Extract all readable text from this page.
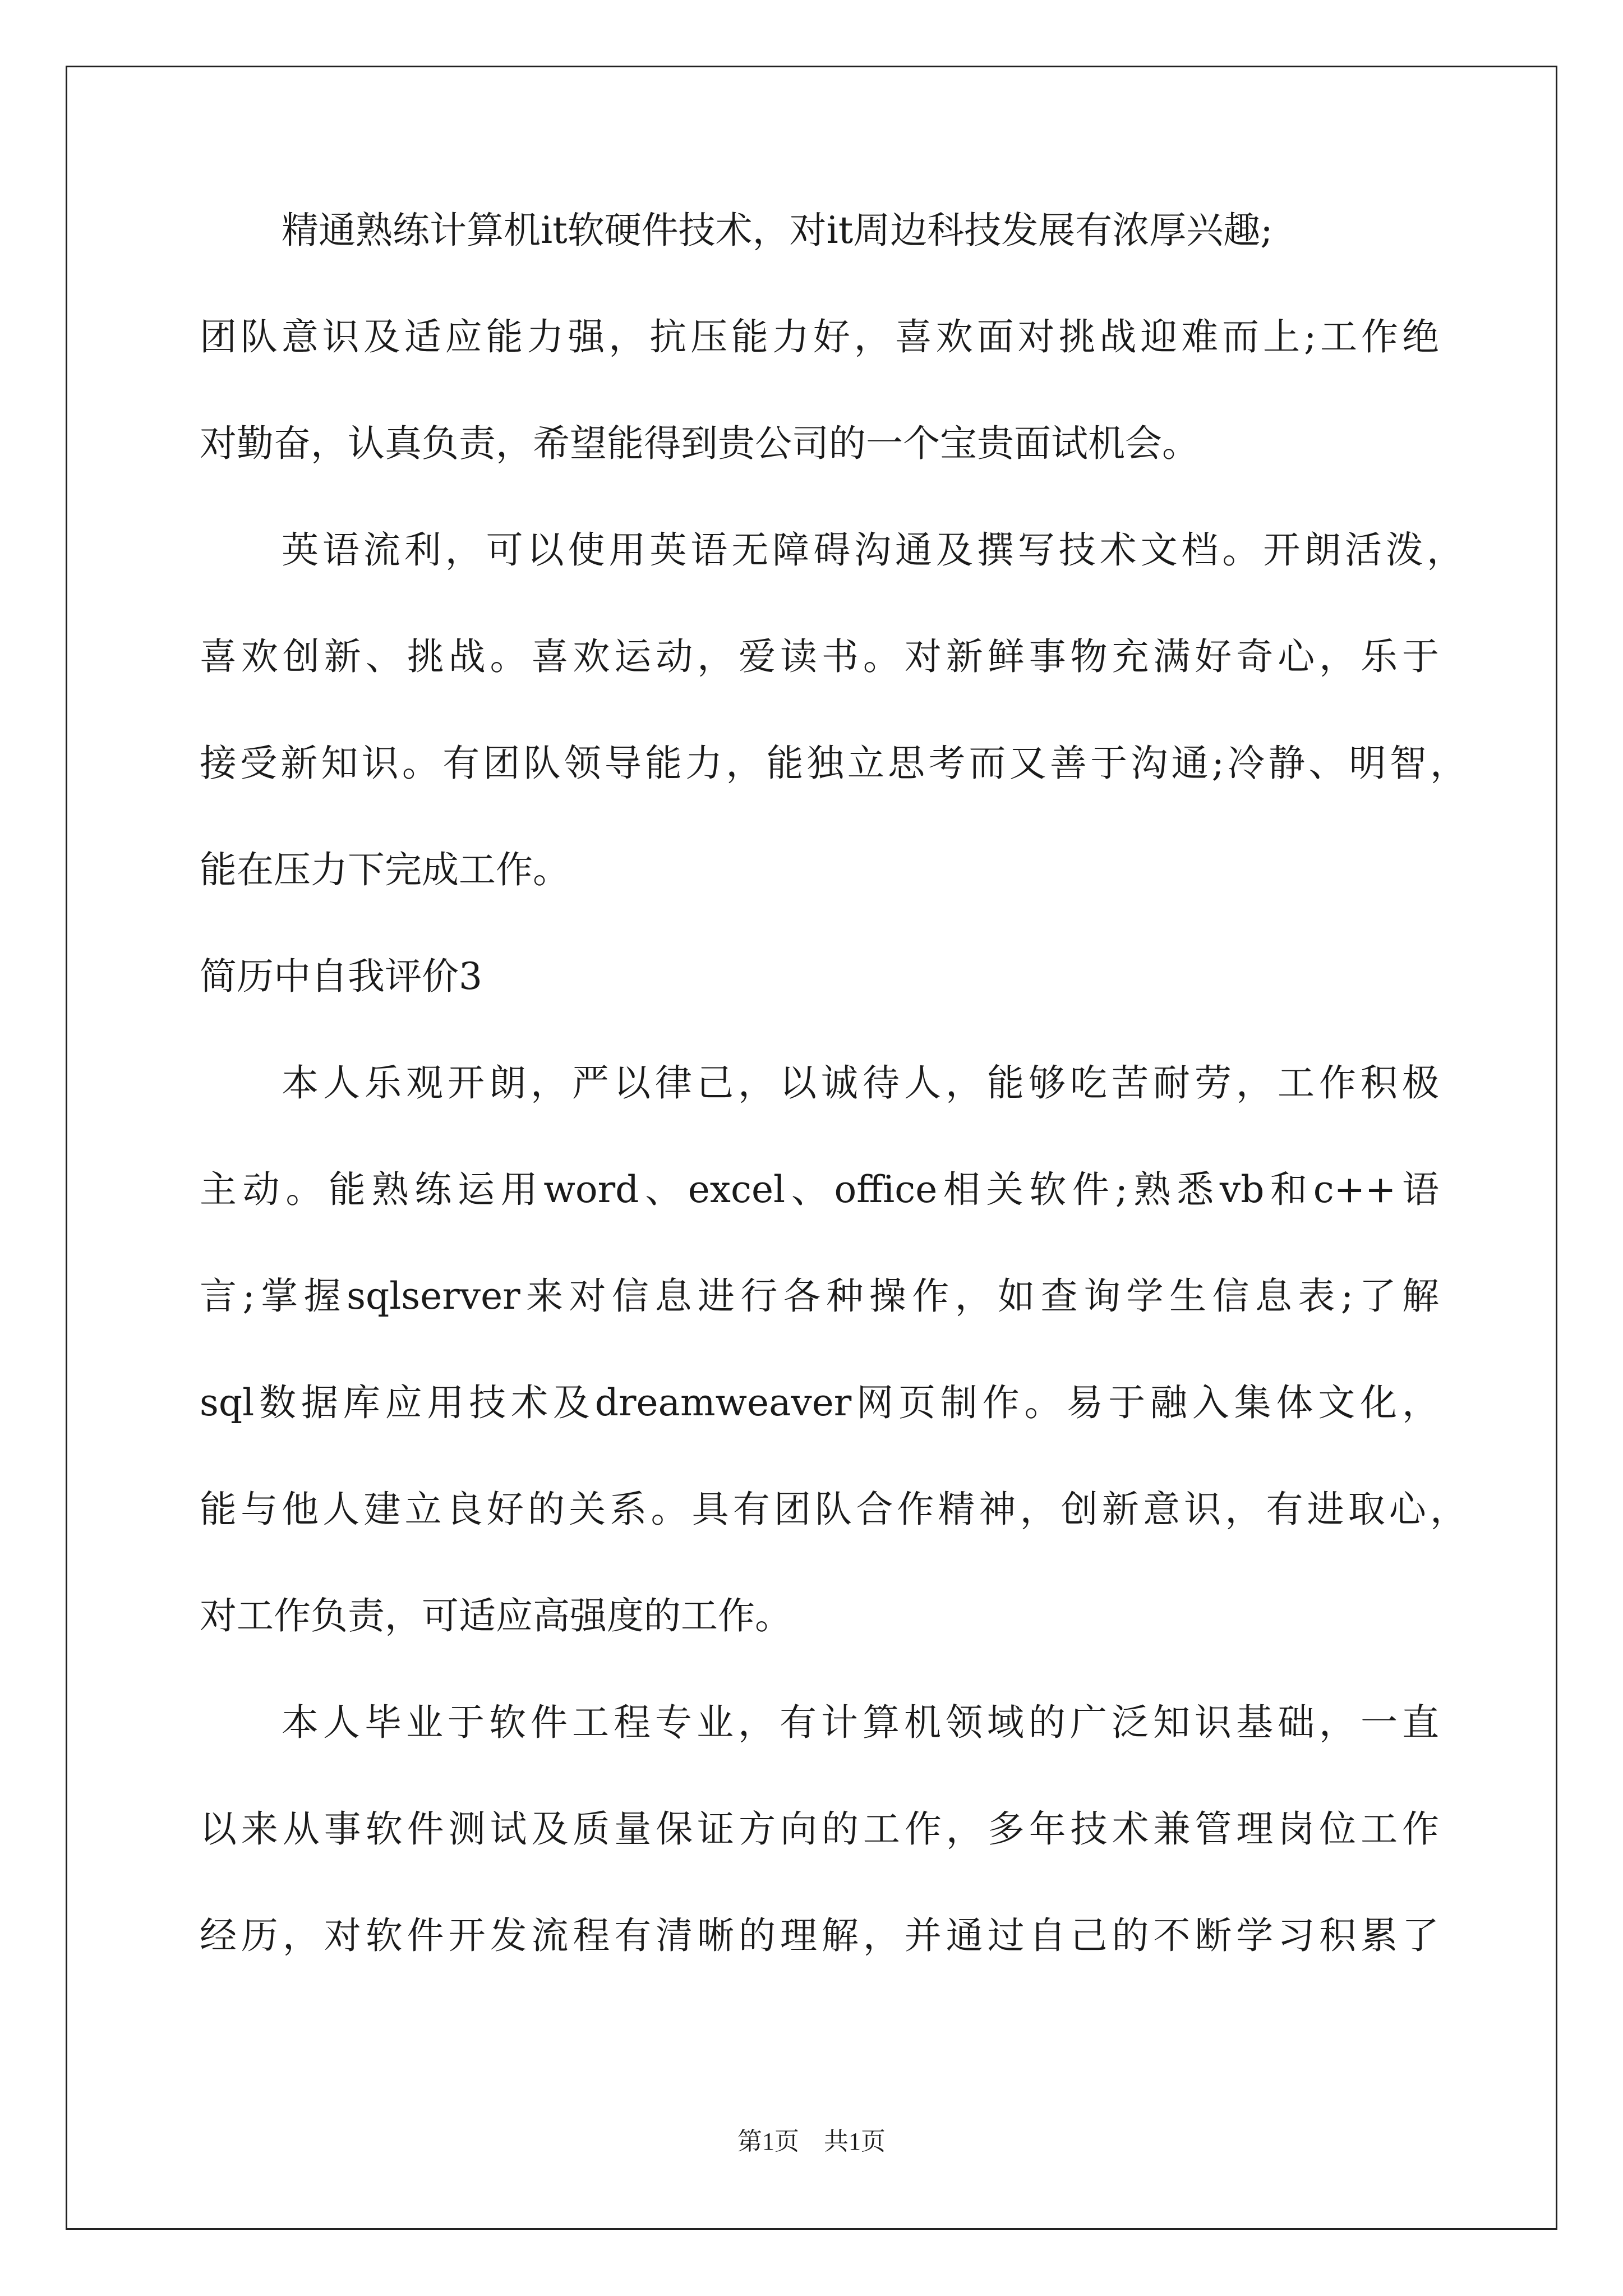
精通熟练计算机it软硬件技术，对it周边科技发展有浓厚兴趣;
团队意识及适应能力强，抗压能力好，喜欢面对挑战迎难而上;工作绝
对勤奋，认真负责，希望能得到贵公司的一个宝贵面试机会。
英语流利，可以使用英语无障碍沟通及撰写技术文档。开朗活泼，
喜欢创新、挑战。喜欢运动，爱读书。对新鲜事物充满好奇心，乐于
接受新知识。有团队领导能力，能独立思考而又善于沟通;冷静、明智，
能在压力下完成工作。
简历中自我评价3
本人乐观开朗，严以律己，以诚待人，能够吃苦耐劳，工作积极
主动。能熟练运用word、excel、office相关软件;熟悉vb和c++语
言;掌握sqlserver来对信息进行各种操作，如查询学生信息表;了解
sql数据库应用技术及dreamweaver网页制作。易于融入集体文化，
能与他人建立良好的关系。具有团队合作精神，创新意识，有进取心，
对工作负责，可适应高强度的工作。
本人毕业于软件工程专业，有计算机领域的广泛知识基础，一直
以来从事软件测试及质量保证方向的工作，多年技术兼管理岗位工作
经历，对软件开发流程有清晰的理解，并通过自己的不断学习积累了
第1页　共1页
